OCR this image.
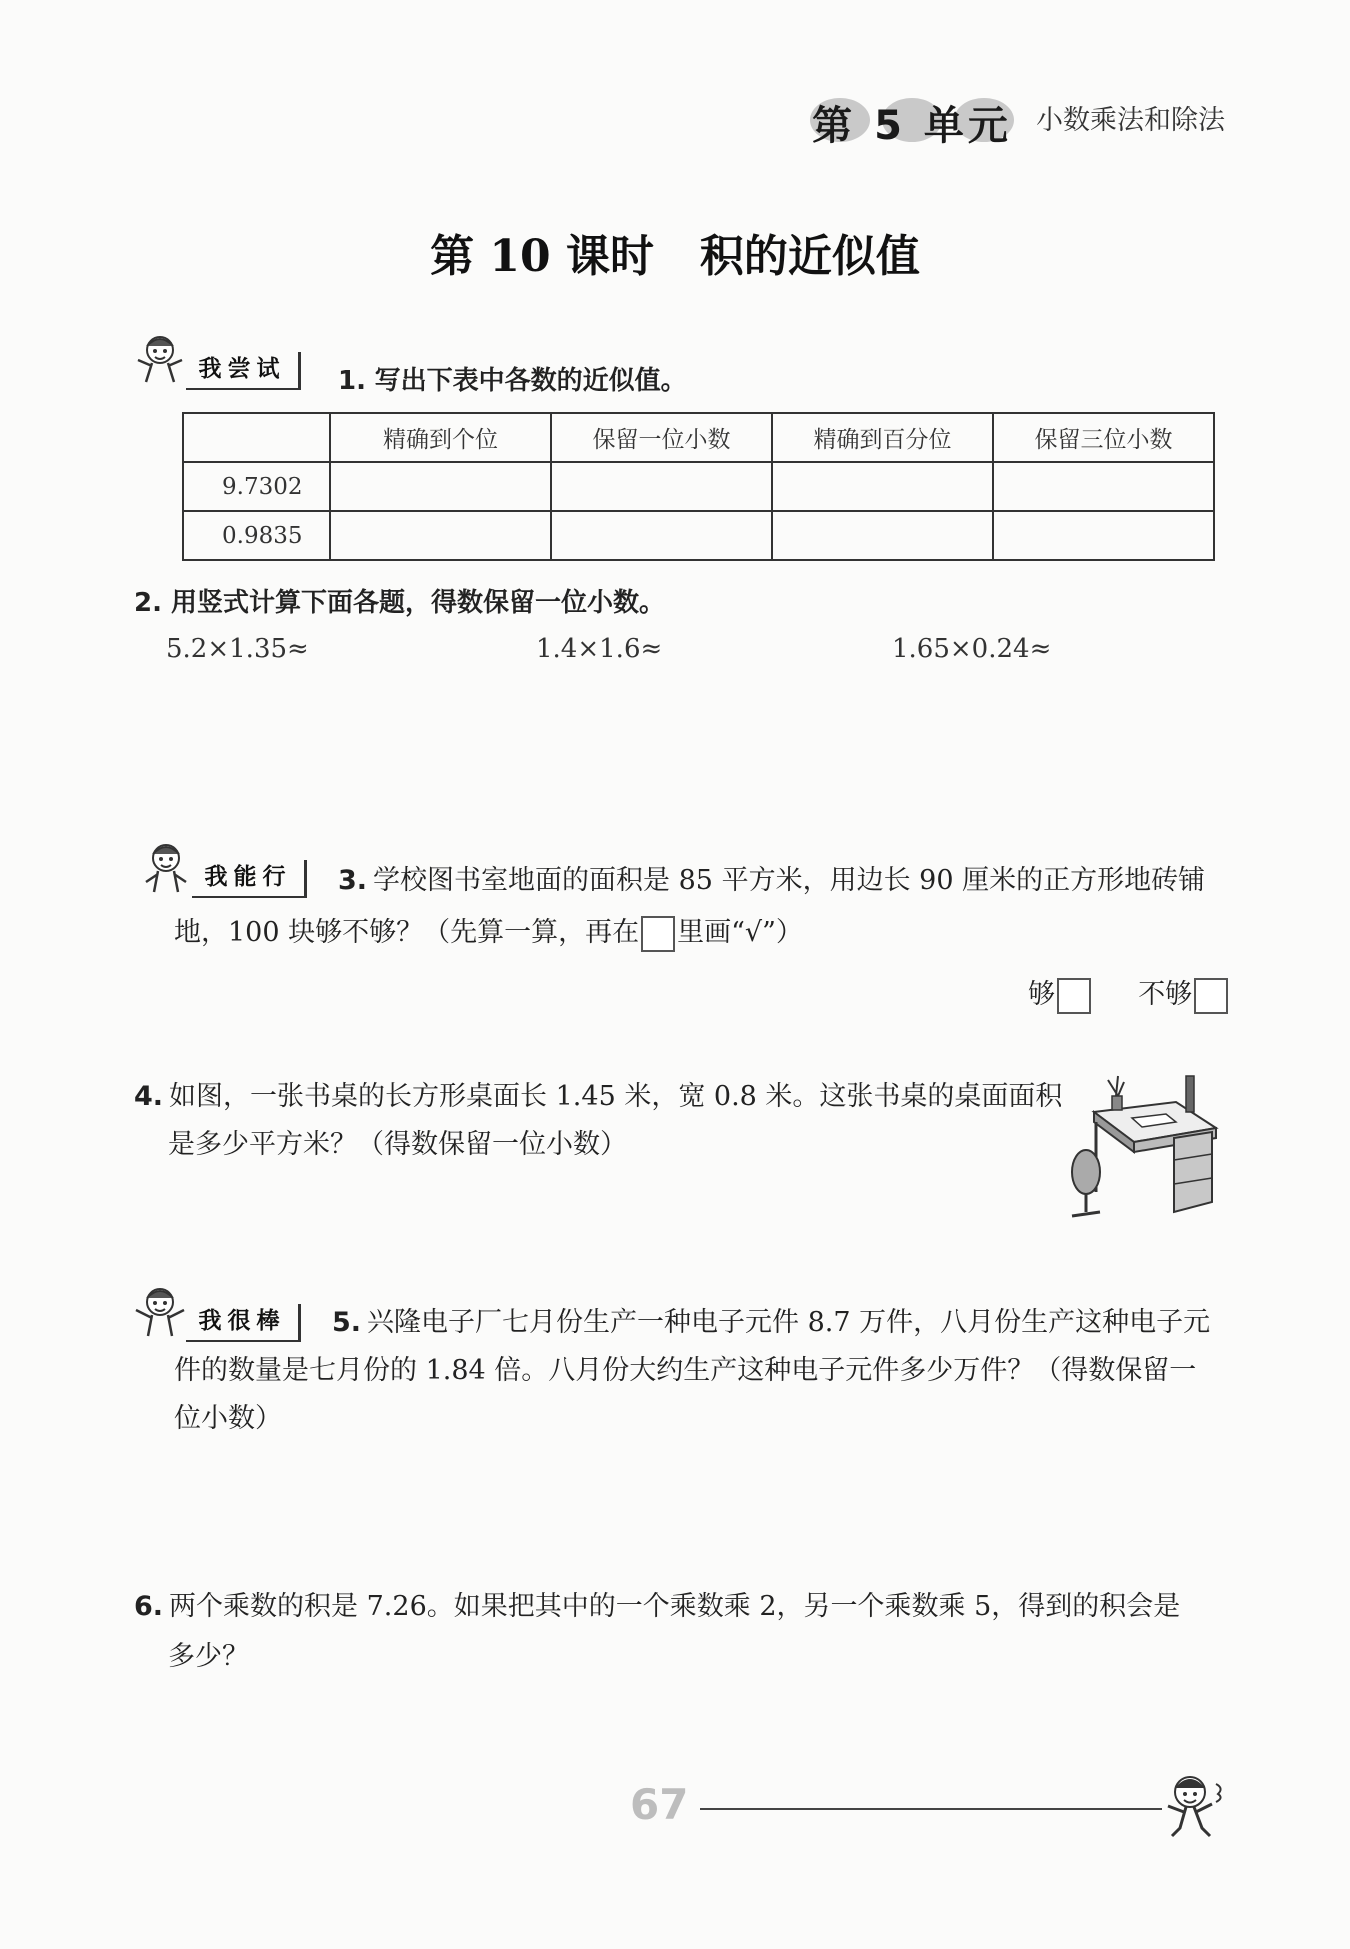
第 5 单元 小数乘法和除法
第 10 课时   积的近似值
我尝试	1. 写出下表中各数的近似值。
	精确到个位	保留一位小数	精确到百分位	保留三位小数
9.7302				
0.9835				
2. 用竖式计算下面各题，得数保留一位小数。
5.2×1.35≈	1.4×1.6≈	1.65×0.24≈
我能行	3. 学校图书室地面的面积是 85 平方米，用边长 90 厘米的正方形地砖铺
地，100 块够不够？（先算一算，再在 里画“√”）
够	不够
4. 如图，一张书桌的长方形桌面长 1.45 米，宽 0.8 米。这张书桌的桌面面积
是多少平方米？（得数保留一位小数）
我很棒	5. 兴隆电子厂七月份生产一种电子元件 8.7 万件，八月份生产这种电子元
件的数量是七月份的 1.84 倍。八月份大约生产这种电子元件多少万件？（得数保留一
位小数）
6. 两个乘数的积是 7.26。如果把其中的一个乘数乘 2，另一个乘数乘 5，得到的积会是
多少？
67
